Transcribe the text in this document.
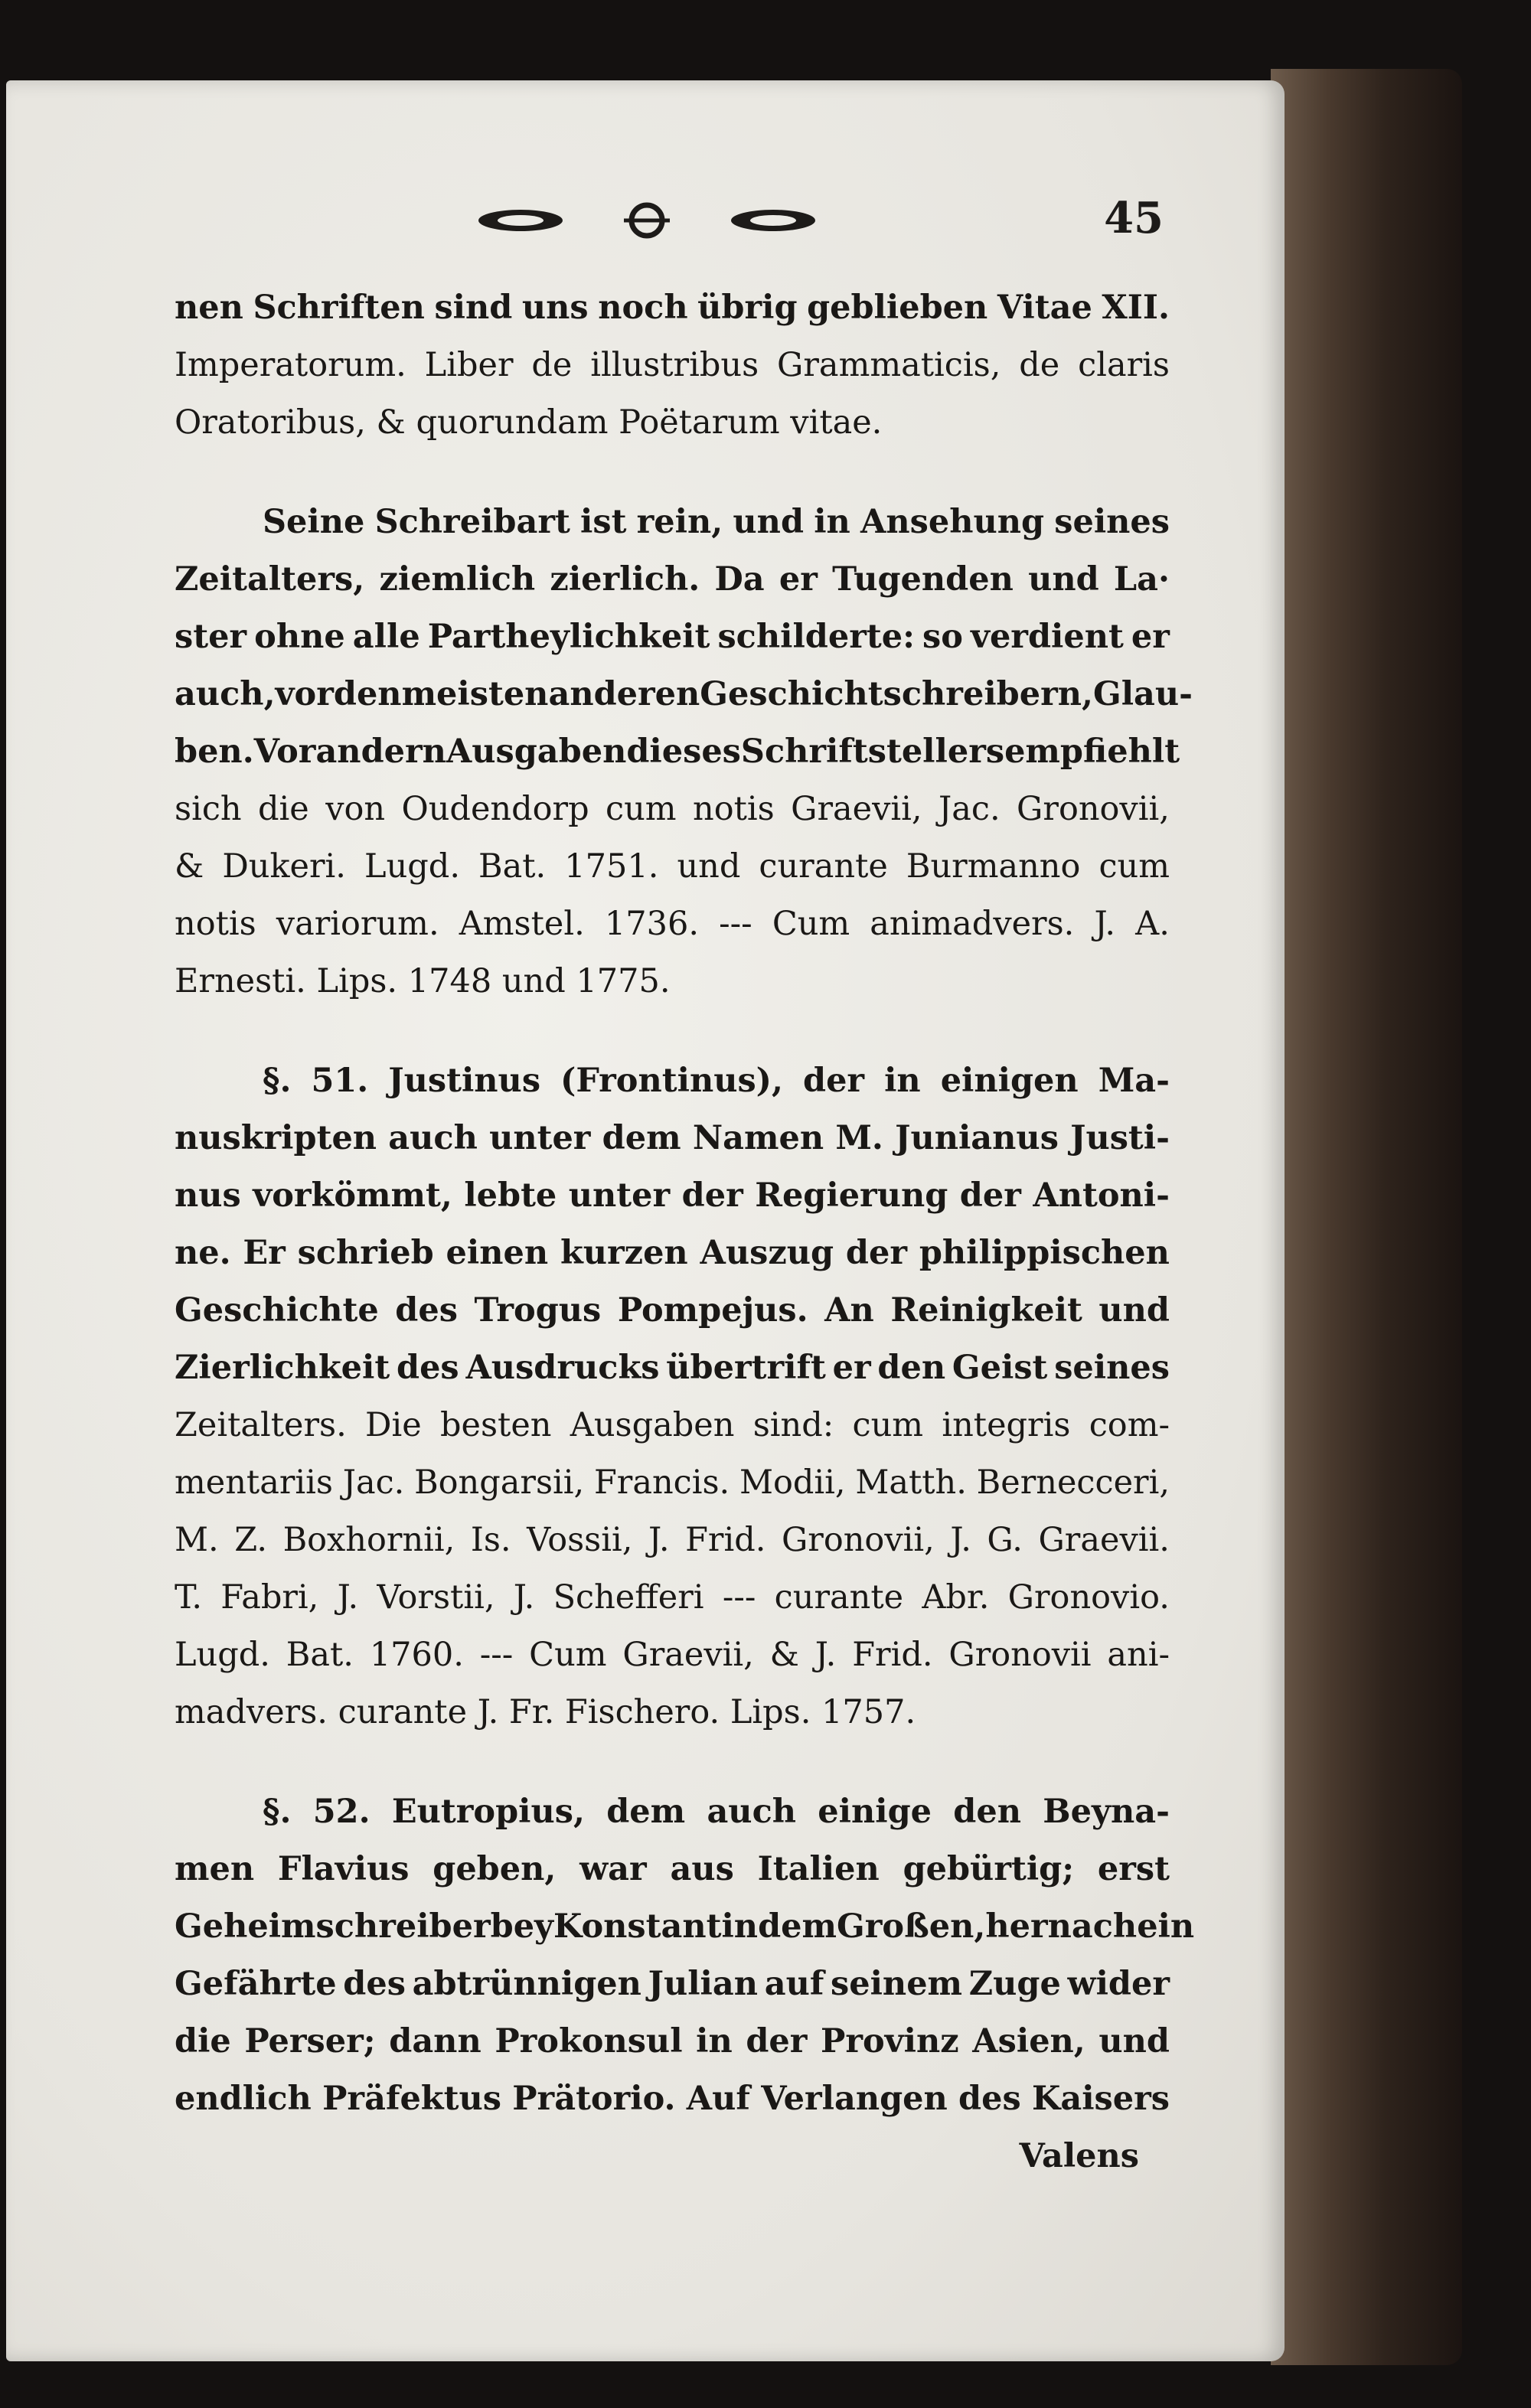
45
nen Schriften sind uns noch übrig geblieben Vitae XII.
Imperatorum. Liber de illustribus Grammaticis, de claris
Oratoribus, & quorundam Poëtarum vitae.
Seine Schreibart ist rein, und in Ansehung seines
Zeitalters, ziemlich zierlich. Da er Tugenden und La·
ster ohne alle Partheylichkeit schilderte: so verdient er
auch, vor den meisten anderen Geschichtschreibern, Glau-
ben. Vor andern Ausgaben dieses Schriftstellers empfiehlt
sich die von Oudendorp cum notis Graevii, Jac. Gronovii,
& Dukeri. Lugd. Bat. 1751. und curante Burmanno cum
notis variorum. Amstel. 1736. --- Cum animadvers. J. A.
Ernesti. Lips. 1748 und 1775.
§. 51. Justinus (Frontinus), der in einigen Ma-
nuskripten auch unter dem Namen M. Junianus Justi-
nus vorkömmt, lebte unter der Regierung der Antoni-
ne. Er schrieb einen kurzen Auszug der philippischen
Geschichte des Trogus Pompejus. An Reinigkeit und
Zierlichkeit des Ausdrucks übertrift er den Geist seines
Zeitalters. Die besten Ausgaben sind: cum integris com-
mentariis Jac. Bongarsii, Francis. Modii, Matth. Bernecceri,
M. Z. Boxhornii, Is. Vossii, J. Frid. Gronovii, J. G. Graevii.
T. Fabri, J. Vorstii, J. Schefferi --- curante Abr. Gronovio.
Lugd. Bat. 1760. --- Cum Graevii, & J. Frid. Gronovii ani-
madvers. curante J. Fr. Fischero. Lips. 1757.
§. 52. Eutropius, dem auch einige den Beyna-
men Flavius geben, war aus Italien gebürtig; erst
Geheimschreiber bey Konstantin dem Großen, hernach ein
Gefährte des abtrünnigen Julian auf seinem Zuge wider
die Perser; dann Prokonsul in der Provinz Asien, und
endlich Präfektus Prätorio. Auf Verlangen des Kaisers
Valens
